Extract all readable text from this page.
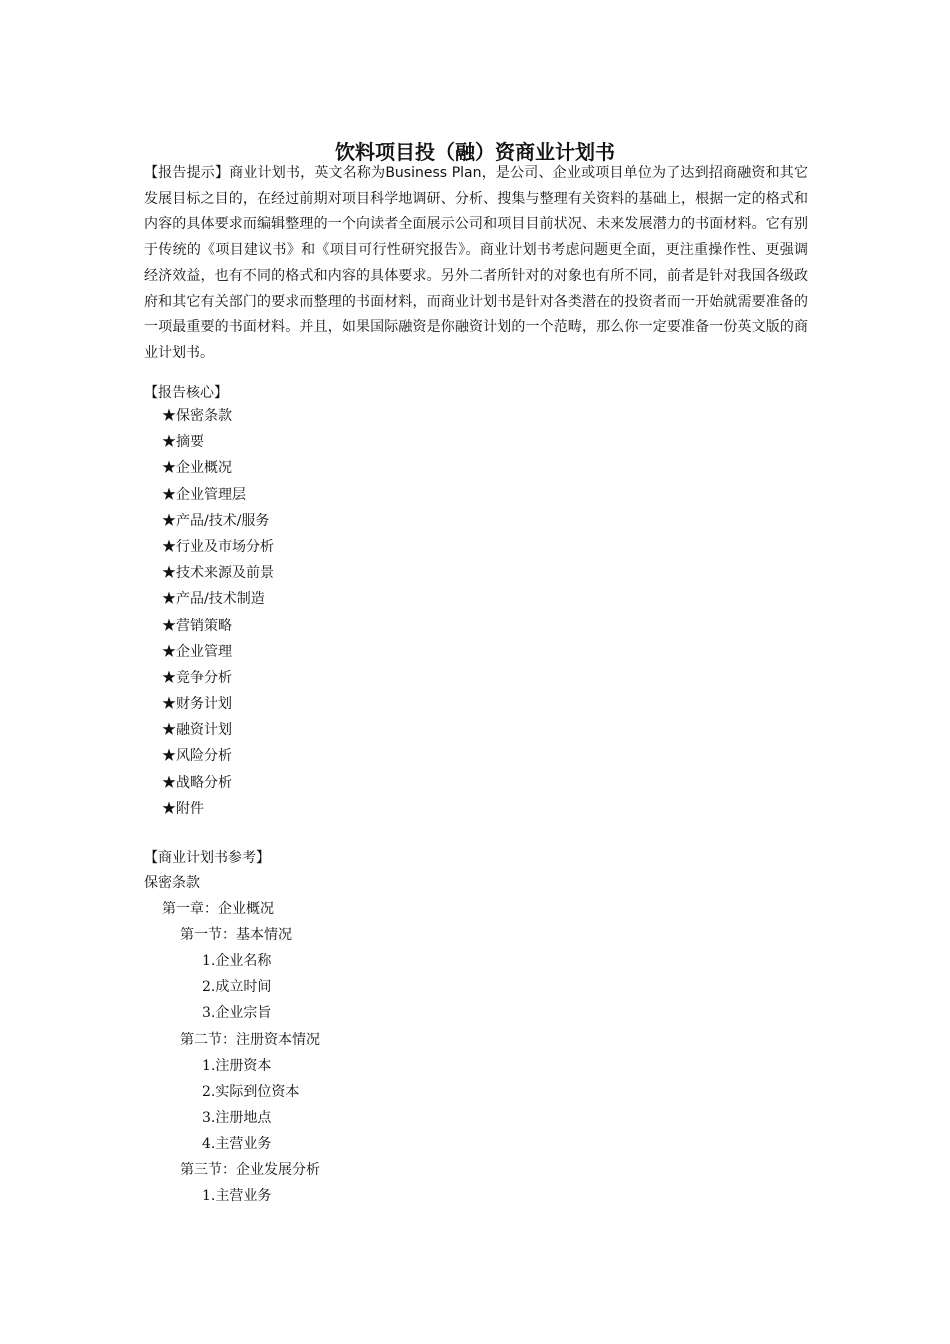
饮料项目投（融）资商业计划书

【报告提示】商业计划书，英文名称为Business Plan，是公司、企业或项目单位为了达到招商融资和其它发展目标之目的，在经过前期对项目科学地调研、分析、搜集与整理有关资料的基础上，根据一定的格式和内容的具体要求而编辑整理的一个向读者全面展示公司和项目目前状况、未来发展潜力的书面材料。它有别于传统的《项目建议书》和《项目可行性研究报告》。商业计划书考虑问题更全面，更注重操作性、更强调经济效益，也有不同的格式和内容的具体要求。另外二者所针对的对象也有所不同，前者是针对我国各级政府和其它有关部门的要求而整理的书面材料，而商业计划书是针对各类潜在的投资者而一开始就需要准备的一项最重要的书面材料。并且，如果国际融资是你融资计划的一个范畴，那么你一定要准备一份英文版的商业计划书。

【报告核心】

★保密条款
★摘要
★企业概况
★企业管理层
★产品/技术/服务
★行业及市场分析
★技术来源及前景
★产品/技术制造
★营销策略
★企业管理
★竞争分析
★财务计划
★融资计划
★风险分析
★战略分析
★附件

【商业计划书参考】

保密条款
第一章：企业概况
第一节：基本情况
1.企业名称
2.成立时间
3.企业宗旨
第二节：注册资本情况
1.注册资本
2.实际到位资本
3.注册地点
4.主营业务
第三节：企业发展分析
1.主营业务
